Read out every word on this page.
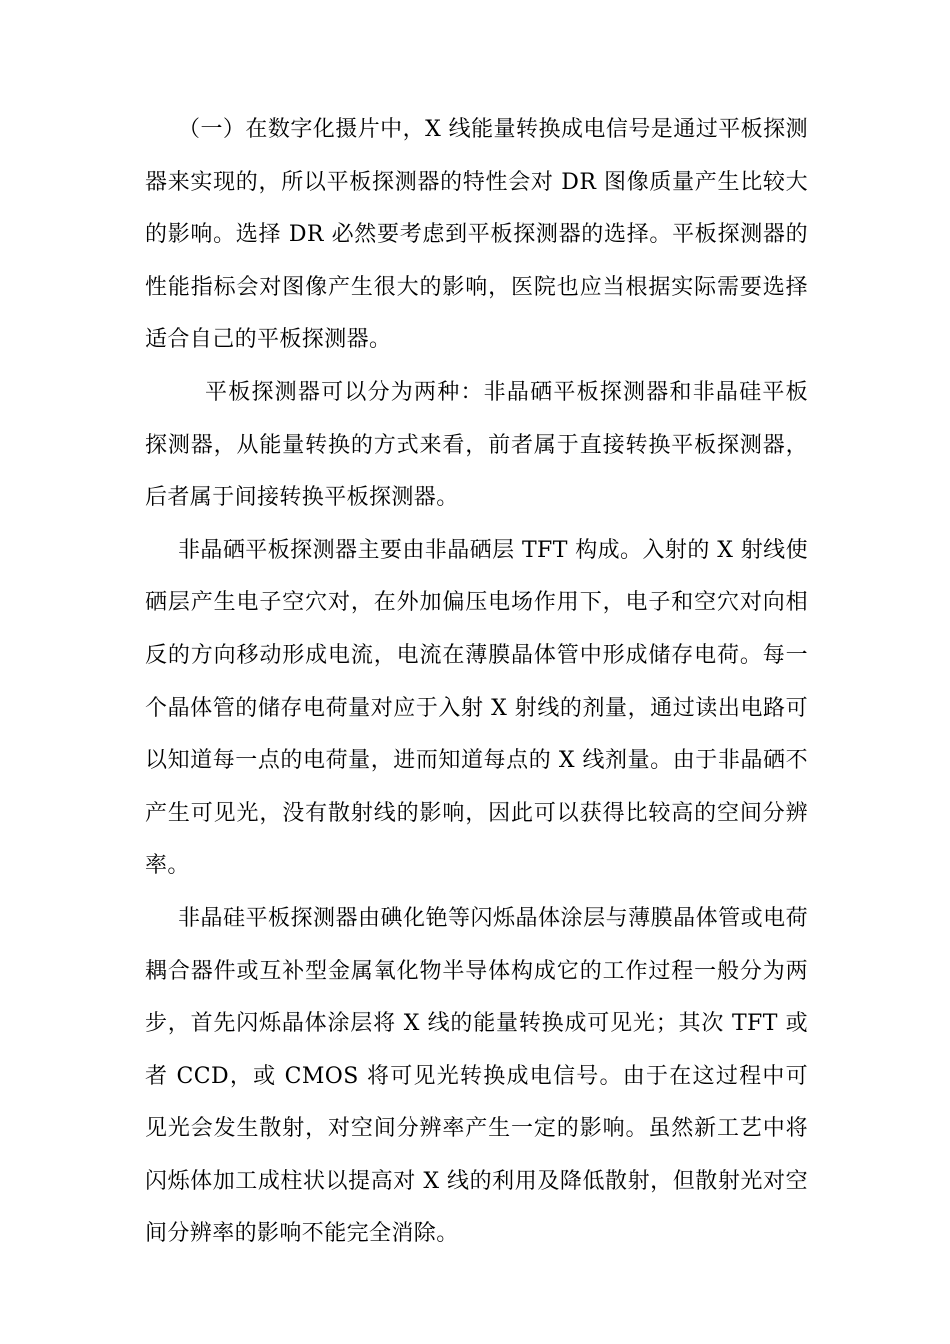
（一）在数字化摄片中，X 线能量转换成电信号是通过平板探测器来实现的，所以平板探测器的特性会对 DR 图像质量产生比较大的影响。选择 DR 必然要考虑到平板探测器的选择。平板探测器的性能指标会对图像产生很大的影响，医院也应当根据实际需要选择适合自己的平板探测器。

平板探测器可以分为两种：非晶硒平板探测器和非晶硅平板探测器，从能量转换的方式来看，前者属于直接转换平板探测器，后者属于间接转换平板探测器。

非晶硒平板探测器主要由非晶硒层 TFT 构成。入射的 X 射线使硒层产生电子空穴对，在外加偏压电场作用下，电子和空穴对向相反的方向移动形成电流，电流在薄膜晶体管中形成储存电荷。每一个晶体管的储存电荷量对应于入射 X 射线的剂量，通过读出电路可以知道每一点的电荷量，进而知道每点的 X 线剂量。由于非晶硒不产生可见光，没有散射线的影响，因此可以获得比较高的空间分辨率。

非晶硅平板探测器由碘化铯等闪烁晶体涂层与薄膜晶体管或电荷耦合器件或互补型金属氧化物半导体构成它的工作过程一般分为两步，首先闪烁晶体涂层将 X 线的能量转换成可见光；其次 TFT 或者 CCD，或 CMOS 将可见光转换成电信号。由于在这过程中可见光会发生散射，对空间分辨率产生一定的影响。虽然新工艺中将闪烁体加工成柱状以提高对 X 线的利用及降低散射，但散射光对空间分辨率的影响不能完全消除。
